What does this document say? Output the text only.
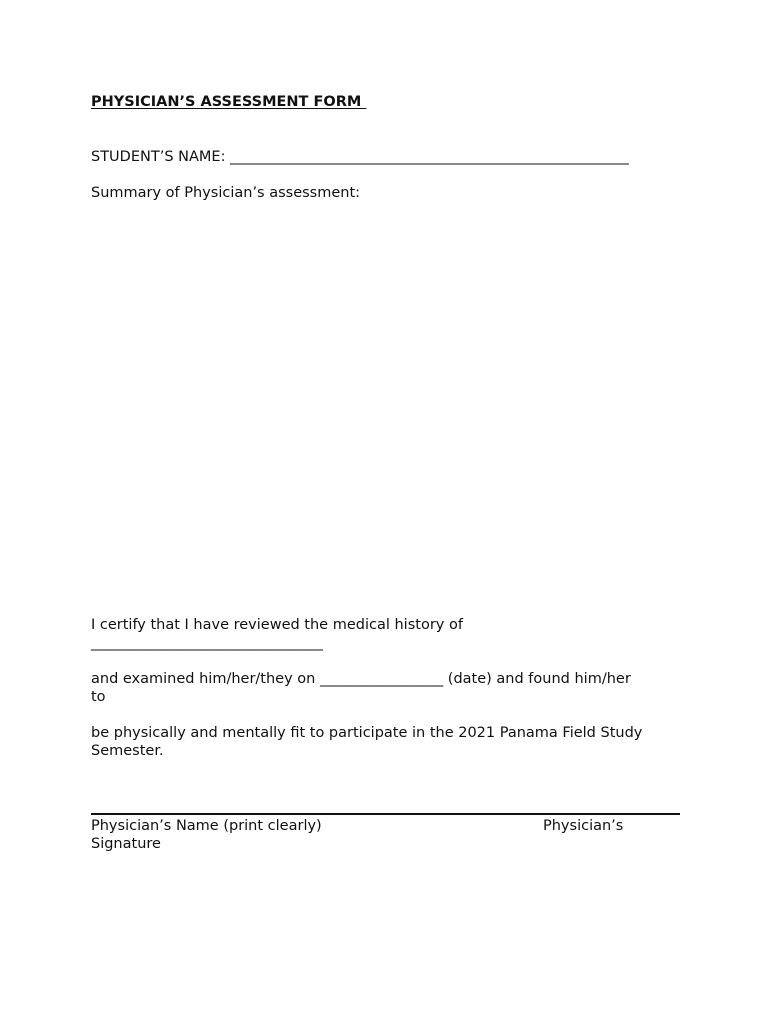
PHYSICIAN’S ASSESSMENT FORM
STUDENT’S NAME: _______________________________________________________
Summary of Physician’s assessment:
I certify that I have reviewed the medical history of
________________________________
and examined him/her/they on _________________ (date) and found him/her
to
be physically and mentally fit to participate in the 2021 Panama Field Study
Semester.
Physician’s Name (print clearly)	Physician’s
Signature
